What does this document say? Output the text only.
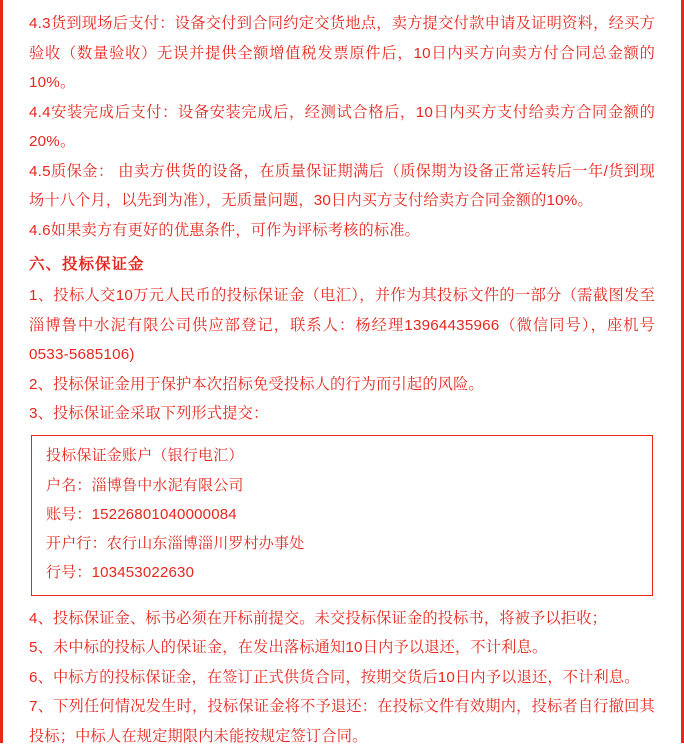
4.3货到现场后支付：设备交付到合同约定交货地点，卖方提交付款申请及证明资料，经买方验收（数量验收）无误并提供全额增值税发票原件后，10日内买方向卖方付合同总金额的10%。

4.4安装完成后支付：设备安装完成后，经测试合格后，10日内买方支付给卖方合同金额的20%。

4.5质保金： 由卖方供货的设备，在质量保证期满后（质保期为设备正常运转后一年/货到现场十八个月，以先到为准），无质量问题，30日内买方支付给卖方合同金额的10%。

4.6如果卖方有更好的优惠条件，可作为评标考核的标准。

六、投标保证金

1、投标人交10万元人民币的投标保证金（电汇），并作为其投标文件的一部分（需截图发至淄博鲁中水泥有限公司供应部登记，联系人：杨经理13964435966（微信同号），座机号0533-5685106)

2、投标保证金用于保护本次招标免受投标人的行为而引起的风险。

3、投标保证金采取下列形式提交：

投标保证金账户（银行电汇）

户名：淄博鲁中水泥有限公司

账号：15226801040000084

开户行：农行山东淄博淄川罗村办事处

行号：103453022630

4、投标保证金、标书必须在开标前提交。未交投标保证金的投标书，将被予以拒收；

5、未中标的投标人的保证金，在发出落标通知10日内予以退还，不计利息。

6、中标方的投标保证金，在签订正式供货合同，按期交货后10日内予以退还，不计利息。

7、下列任何情况发生时，投标保证金将不予退还：在投标文件有效期内，投标者自行撤回其投标；中标人在规定期限内未能按规定签订合同。
